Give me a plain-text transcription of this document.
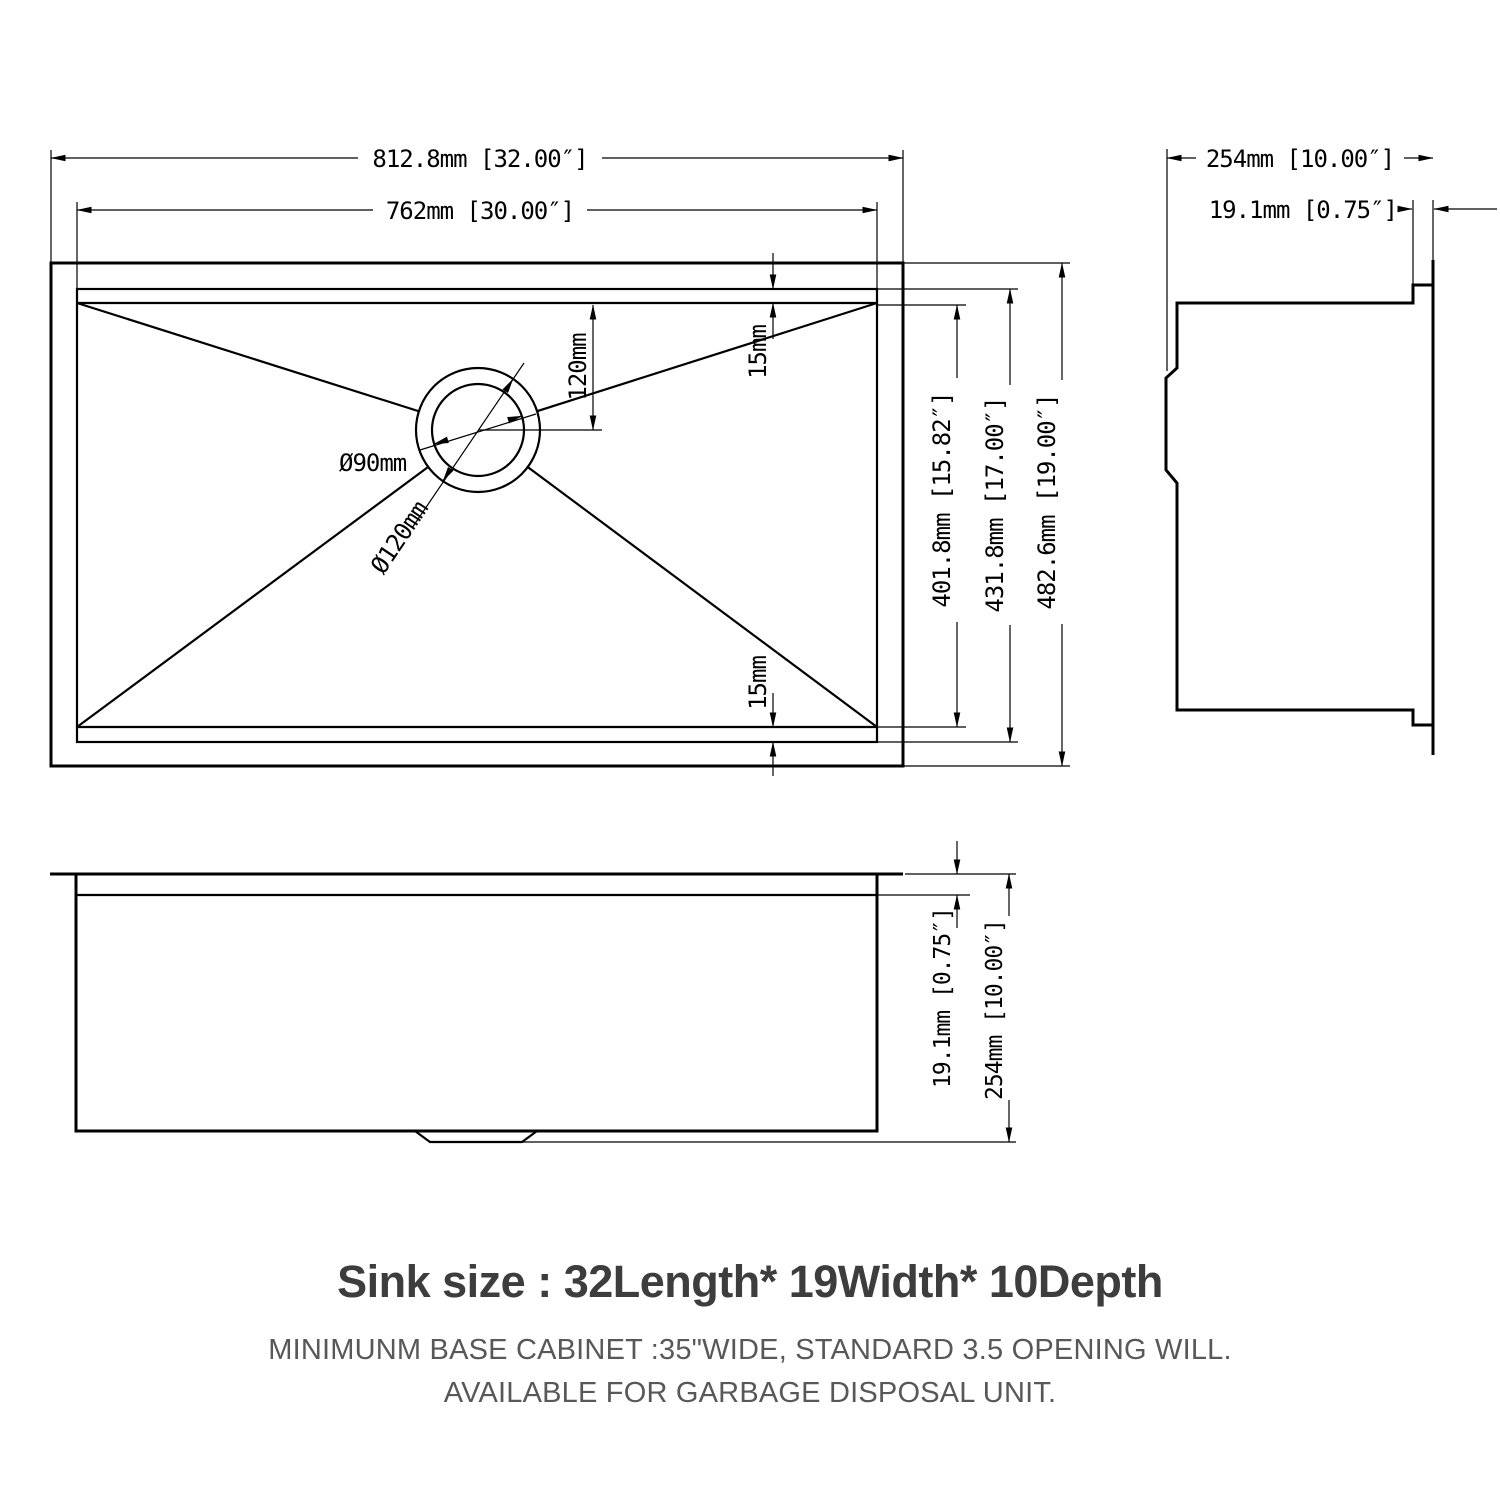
812.8mm [32.00″]
762mm [30.00″]
401.8mm [15.82″] 431.8mm [17.00″] 482.6mm [19.00″]
15mm
15mm
Ø90mm
Ø120mm
120mm
254mm [10.00″]
19.1mm [0.75″]
19.1mm [0.75″] 254mm [10.00″]
Sink size : 32Length* 19Width* 10Depth
MINIMUNM BASE CABINET :35"WIDE, STANDARD 3.5 OPENING WILL.
AVAILABLE FOR GARBAGE DISPOSAL UNIT.
